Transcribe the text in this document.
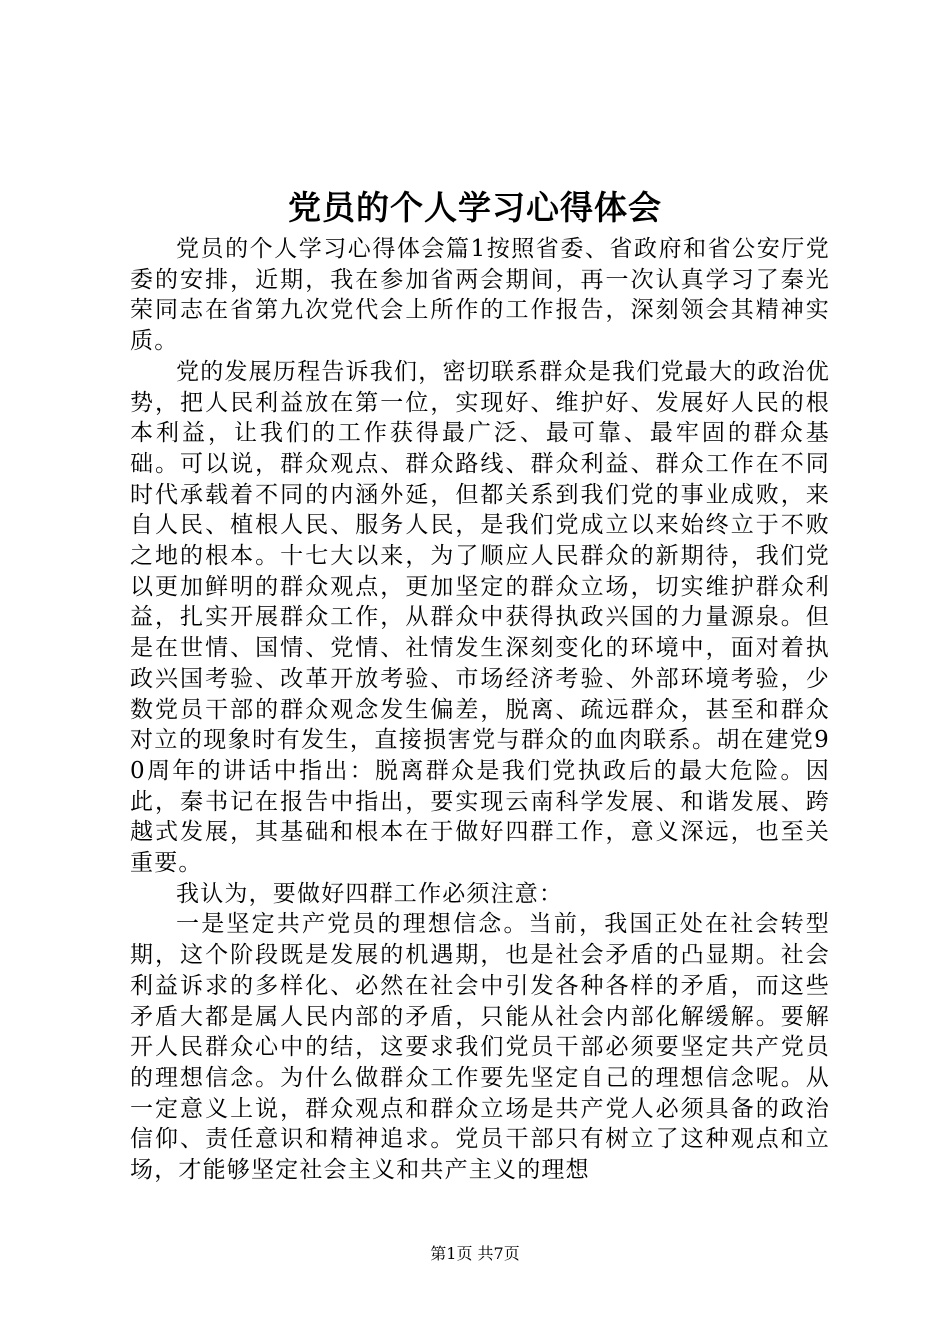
党员的个人学习心得体会

党员的个人学习心得体会篇1按照省委、省政府和省公安厅党委的安排，近期，我在参加省两会期间，再一次认真学习了秦光荣同志在省第九次党代会上所作的工作报告，深刻领会其精神实质。

党的发展历程告诉我们，密切联系群众是我们党最大的政治优势，把人民利益放在第一位，实现好、维护好、发展好人民的根本利益，让我们的工作获得最广泛、最可靠、最牢固的群众基础。可以说，群众观点、群众路线、群众利益、群众工作在不同时代承载着不同的内涵外延，但都关系到我们党的事业成败，来自人民、植根人民、服务人民，是我们党成立以来始终立于不败之地的根本。十七大以来，为了顺应人民群众的新期待，我们党以更加鲜明的群众观点，更加坚定的群众立场，切实维护群众利益，扎实开展群众工作，从群众中获得执政兴国的力量源泉。但是在世情、国情、党情、社情发生深刻变化的环境中，面对着执政兴国考验、改革开放考验、市场经济考验、外部环境考验，少数党员干部的群众观念发生偏差，脱离、疏远群众，甚至和群众对立的现象时有发生，直接损害党与群众的血肉联系。胡在建党90周年的讲话中指出：脱离群众是我们党执政后的最大危险。因此，秦书记在报告中指出，要实现云南科学发展、和谐发展、跨越式发展，其基础和根本在于做好四群工作，意义深远，也至关重要。

我认为，要做好四群工作必须注意：

一是坚定共产党员的理想信念。当前，我国正处在社会转型期，这个阶段既是发展的机遇期，也是社会矛盾的凸显期。社会利益诉求的多样化、必然在社会中引发各种各样的矛盾，而这些矛盾大都是属人民内部的矛盾，只能从社会内部化解缓解。要解开人民群众心中的结，这要求我们党员干部必须要坚定共产党员的理想信念。为什么做群众工作要先坚定自己的理想信念呢。从一定意义上说，群众观点和群众立场是共产党人必须具备的政治信仰、责任意识和精神追求。党员干部只有树立了这种观点和立场，才能够坚定社会主义和共产主义的理想

第1页 共7页
